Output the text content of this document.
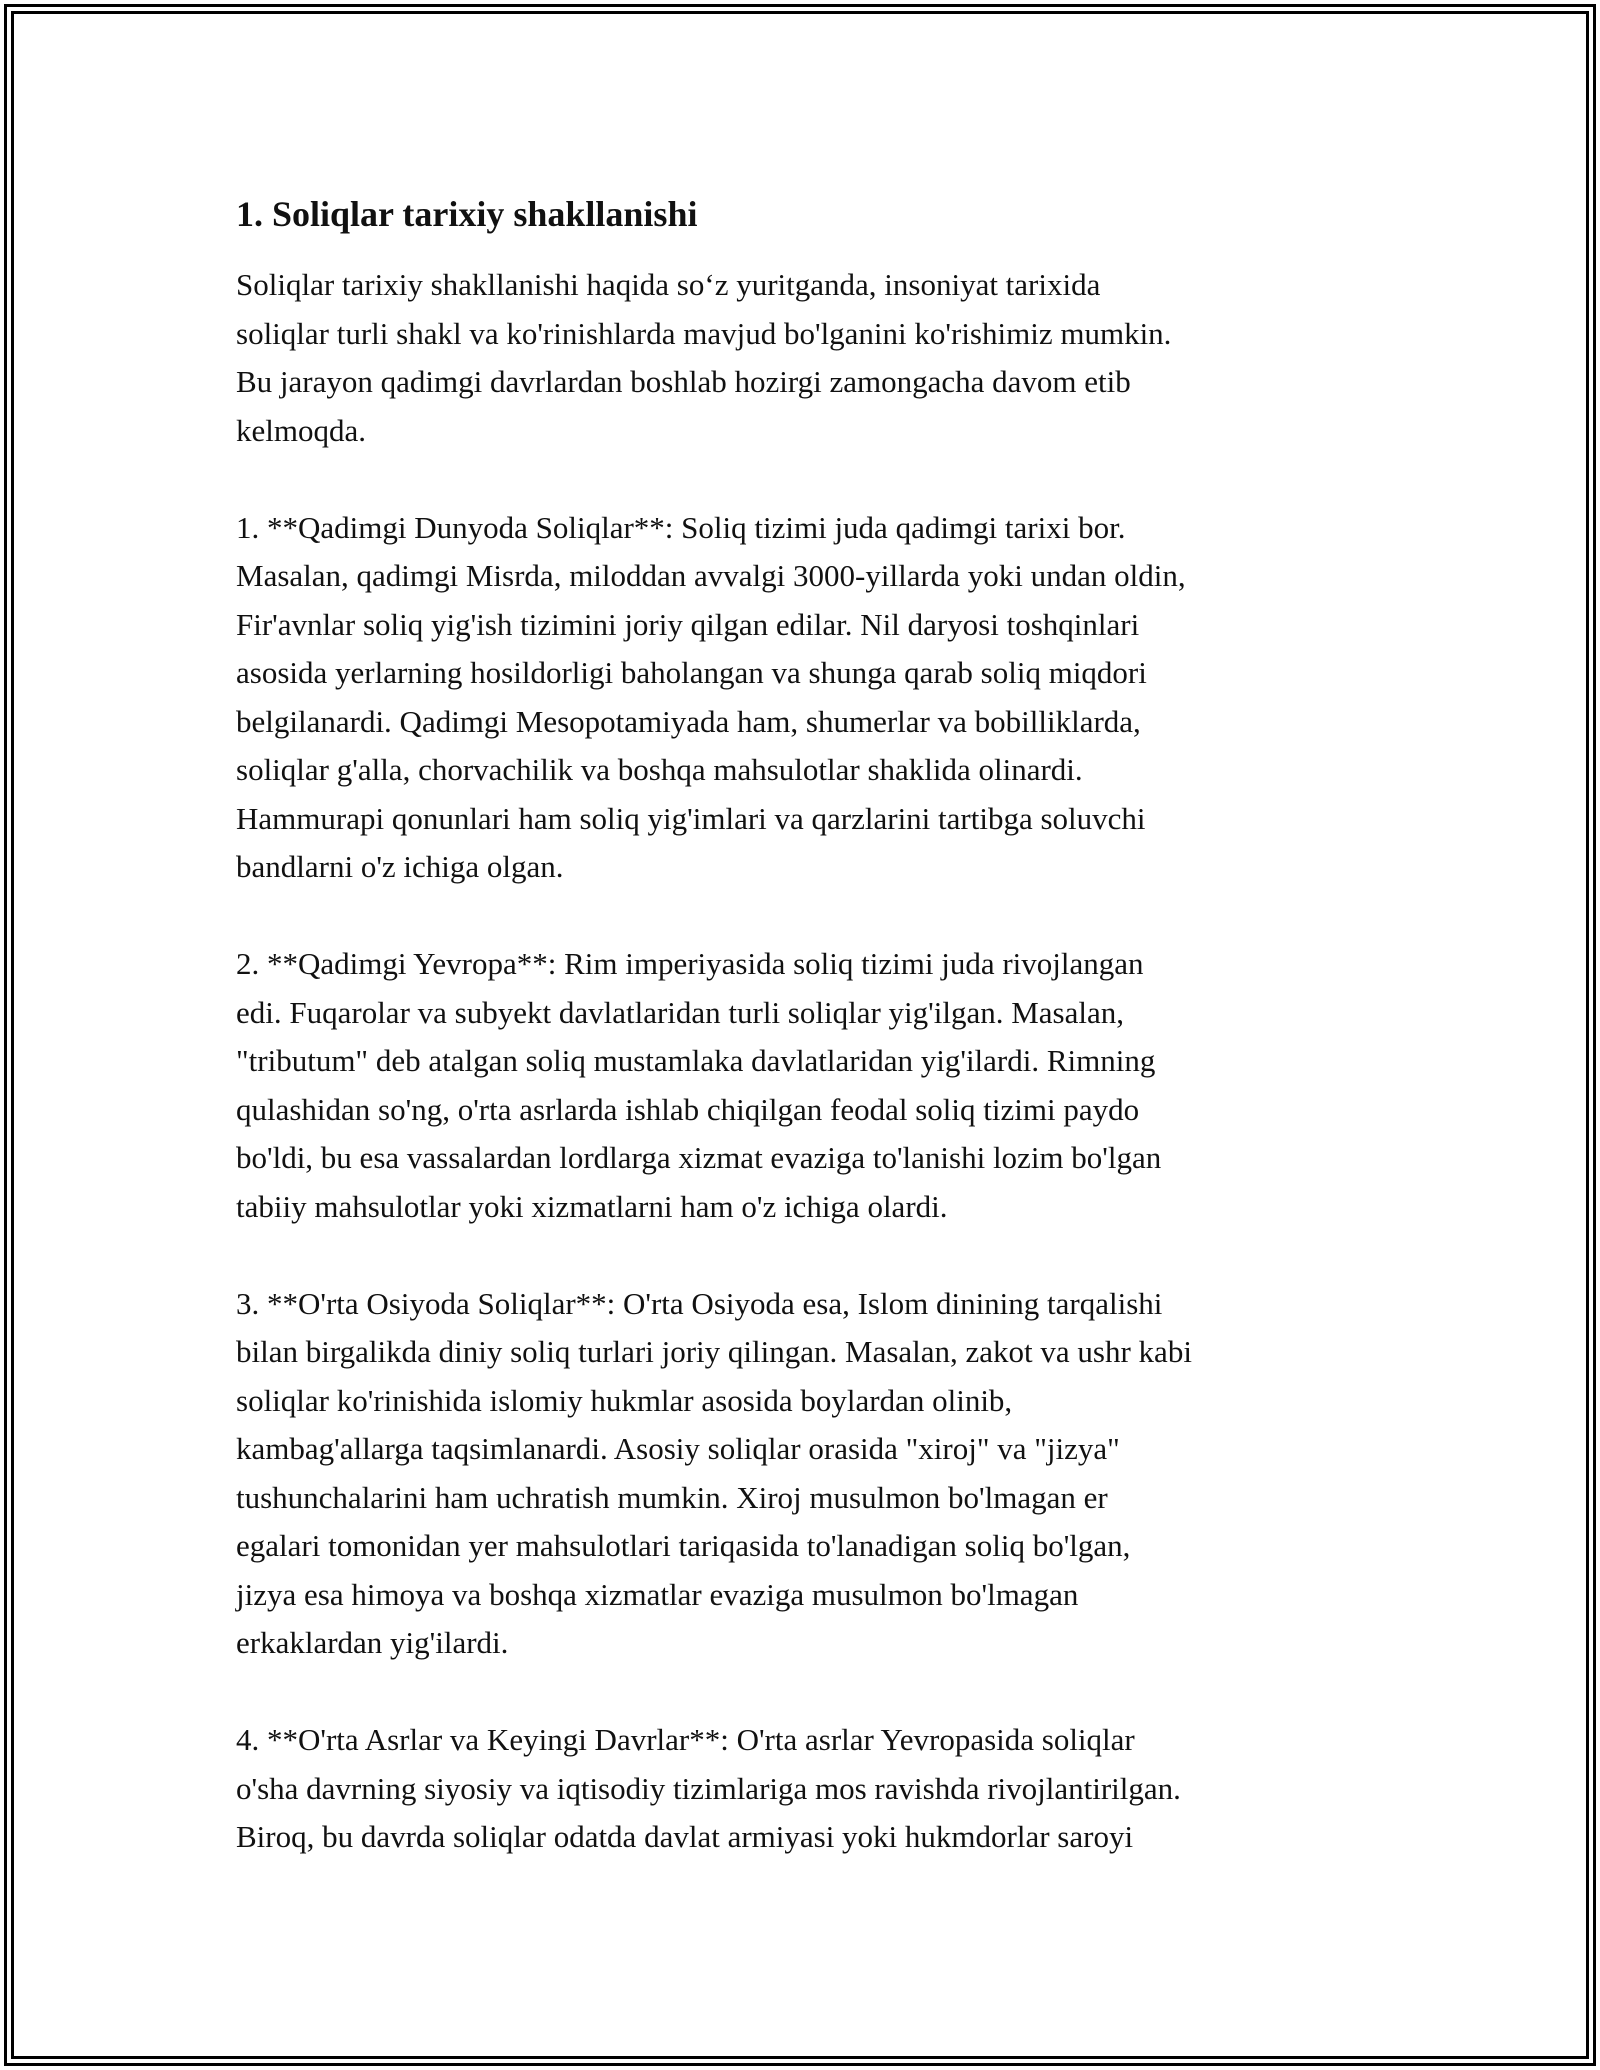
1. Soliqlar tarixiy shakllanishi

Soliqlar tarixiy shakllanishi haqida so‘z yuritganda, insoniyat tarixida
soliqlar turli shakl va ko'rinishlarda mavjud bo'lganini ko'rishimiz mumkin.
Bu jarayon qadimgi davrlardan boshlab hozirgi zamongacha davom etib
kelmoqda.

1. **Qadimgi Dunyoda Soliqlar**: Soliq tizimi juda qadimgi tarixi bor.
Masalan, qadimgi Misrda, miloddan avvalgi 3000-yillarda yoki undan oldin,
Fir'avnlar soliq yig'ish tizimini joriy qilgan edilar. Nil daryosi toshqinlari
asosida yerlarning hosildorligi baholangan va shunga qarab soliq miqdori
belgilanardi. Qadimgi Mesopotamiyada ham, shumerlar va bobilliklarda,
soliqlar g'alla, chorvachilik va boshqa mahsulotlar shaklida olinardi.
Hammurapi qonunlari ham soliq yig'imlari va qarzlarini tartibga soluvchi
bandlarni o'z ichiga olgan.

2. **Qadimgi Yevropa**: Rim imperiyasida soliq tizimi juda rivojlangan
edi. Fuqarolar va subyekt davlatlaridan turli soliqlar yig'ilgan. Masalan,
"tributum" deb atalgan soliq mustamlaka davlatlaridan yig'ilardi. Rimning
qulashidan so'ng, o'rta asrlarda ishlab chiqilgan feodal soliq tizimi paydo
bo'ldi, bu esa vassalardan lordlarga xizmat evaziga to'lanishi lozim bo'lgan
tabiiy mahsulotlar yoki xizmatlarni ham o'z ichiga olardi.

3. **O'rta Osiyoda Soliqlar**: O'rta Osiyoda esa, Islom dinining tarqalishi
bilan birgalikda diniy soliq turlari joriy qilingan. Masalan, zakot va ushr kabi
soliqlar ko'rinishida islomiy hukmlar asosida boylardan olinib,
kambag'allarga taqsimlanardi. Asosiy soliqlar orasida "xiroj" va "jizya"
tushunchalarini ham uchratish mumkin. Xiroj musulmon bo'lmagan er
egalari tomonidan yer mahsulotlari tariqasida to'lanadigan soliq bo'lgan,
jizya esa himoya va boshqa xizmatlar evaziga musulmon bo'lmagan
erkaklardan yig'ilardi.

4. **O'rta Asrlar va Keyingi Davrlar**: O'rta asrlar Yevropasida soliqlar
o'sha davrning siyosiy va iqtisodiy tizimlariga mos ravishda rivojlantirilgan.
Biroq, bu davrda soliqlar odatda davlat armiyasi yoki hukmdorlar saroyi
